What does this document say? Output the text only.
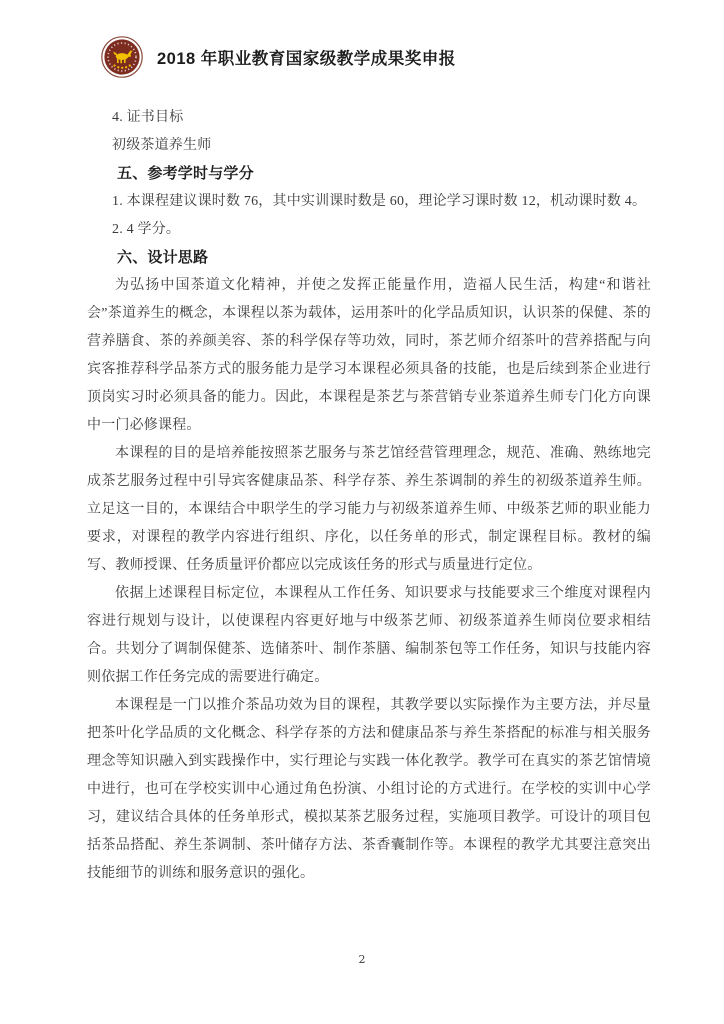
2018 年职业教育国家级教学成果奖申报
4. 证书目标
初级茶道养生师
五、参考学时与学分
1. 本课程建议课时数 76，其中实训课时数是 60，理论学习课时数 12，机动课时数 4。
2. 4 学分。
六、设计思路
为弘扬中国茶道文化精神，并使之发挥正能量作用，造福人民生活，构建“和谐社会”茶道养生的概念，本课程以茶为载体，运用茶叶的化学品质知识，认识茶的保健、茶的营养膳食、茶的养颜美容、茶的科学保存等功效，同时，茶艺师介绍茶叶的营养搭配与向宾客推荐科学品茶方式的服务能力是学习本课程必须具备的技能，也是后续到茶企业进行顶岗实习时必须具备的能力。因此，本课程是茶艺与茶营销专业茶道养生师专门化方向课中一门必修课程。
本课程的目的是培养能按照茶艺服务与茶艺馆经营管理理念，规范、准确、熟练地完成茶艺服务过程中引导宾客健康品茶、科学存茶、养生茶调制的养生的初级茶道养生师。立足这一目的，本课结合中职学生的学习能力与初级茶道养生师、中级茶艺师的职业能力要求，对课程的教学内容进行组织、序化，以任务单的形式，制定课程目标。教材的编写、教师授课、任务质量评价都应以完成该任务的形式与质量进行定位。
依据上述课程目标定位，本课程从工作任务、知识要求与技能要求三个维度对课程内容进行规划与设计，以使课程内容更好地与中级茶艺师、初级茶道养生师岗位要求相结合。共划分了调制保健茶、选储茶叶、制作茶膳、编制茶包等工作任务，知识与技能内容则依据工作任务完成的需要进行确定。
本课程是一门以推介茶品功效为目的课程，其教学要以实际操作为主要方法，并尽量把茶叶化学品质的文化概念、科学存茶的方法和健康品茶与养生茶搭配的标准与相关服务理念等知识融入到实践操作中，实行理论与实践一体化教学。教学可在真实的茶艺馆情境中进行，也可在学校实训中心通过角色扮演、小组讨论的方式进行。在学校的实训中心学习，建议结合具体的任务单形式，模拟某茶艺服务过程，实施项目教学。可设计的项目包括茶品搭配、养生茶调制、茶叶储存方法、茶香囊制作等。本课程的教学尤其要注意突出技能细节的训练和服务意识的强化。
2
